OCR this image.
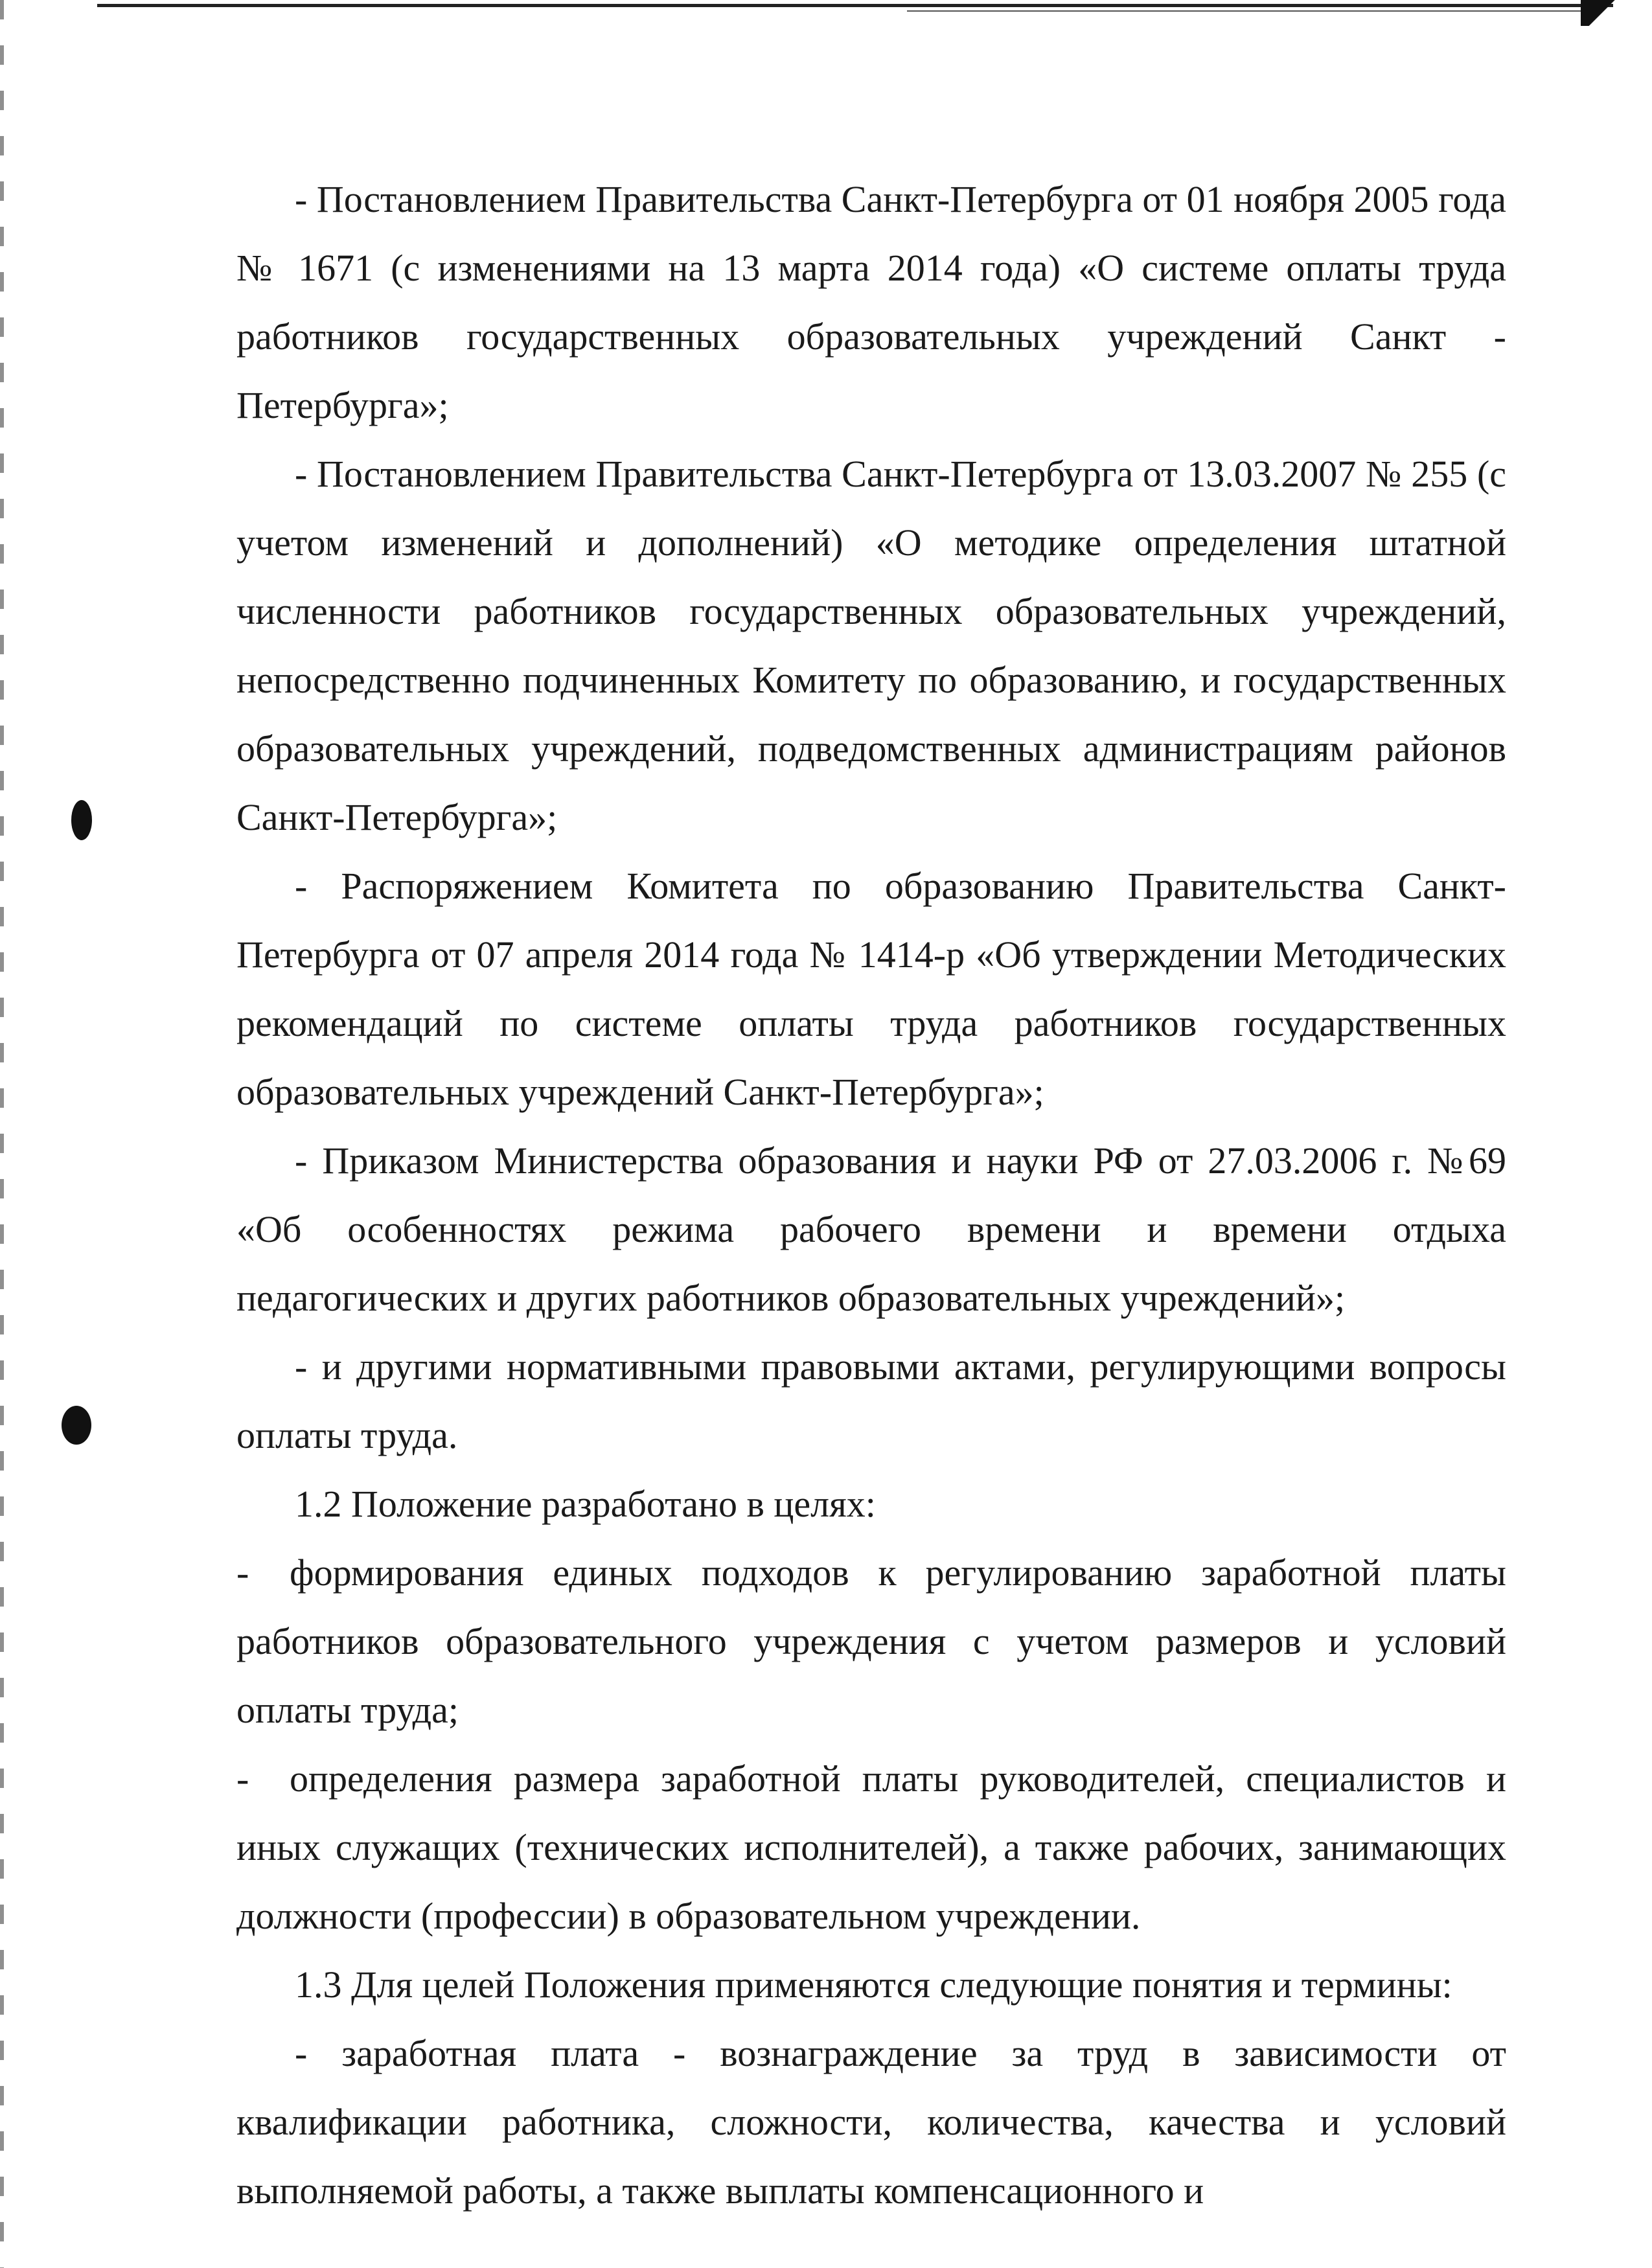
- Постановлением Правительства Санкт-Петербурга от 01 ноября 2005 года № 1671 (с изменениями на 13 марта 2014 года) «О системе оплаты труда работников государственных образовательных учреждений Санкт - Петербурга»;

- Постановлением Правительства Санкт-Петербурга от 13.03.2007 № 255 (с учетом изменений и дополнений) «О методике определения штатной численности работников государственных образовательных учреждений, непосредственно подчиненных Комитету по образованию, и государственных образовательных учреждений, подведомственных администрациям районов Санкт-Петербурга»;

- Распоряжением Комитета по образованию Правительства Санкт-Петербурга от 07 апреля 2014 года № 1414-р «Об утверждении Методических рекомендаций по системе оплаты труда работников государственных образовательных учреждений Санкт-Петербурга»;

- Приказом Министерства образования и науки РФ от 27.03.2006 г. №69 «Об особенностях режима рабочего времени и времени отдыха педагогических и других работников образовательных учреждений»;

- и другими нормативными правовыми актами, регулирующими вопросы оплаты труда.

1.2 Положение разработано в целях:

- формирования единых подходов к регулированию заработной платы работников образовательного учреждения с учетом размеров и условий оплаты труда;

- определения размера заработной платы руководителей, специалистов и иных служащих (технических исполнителей), а также рабочих, занимающих должности (профессии) в образовательном учреждении.

1.3 Для целей Положения применяются следующие понятия и термины:

- заработная плата - вознаграждение за труд в зависимости от квалификации работника, сложности, количества, качества и условий выполняемой работы, а также выплаты компенсационного и
